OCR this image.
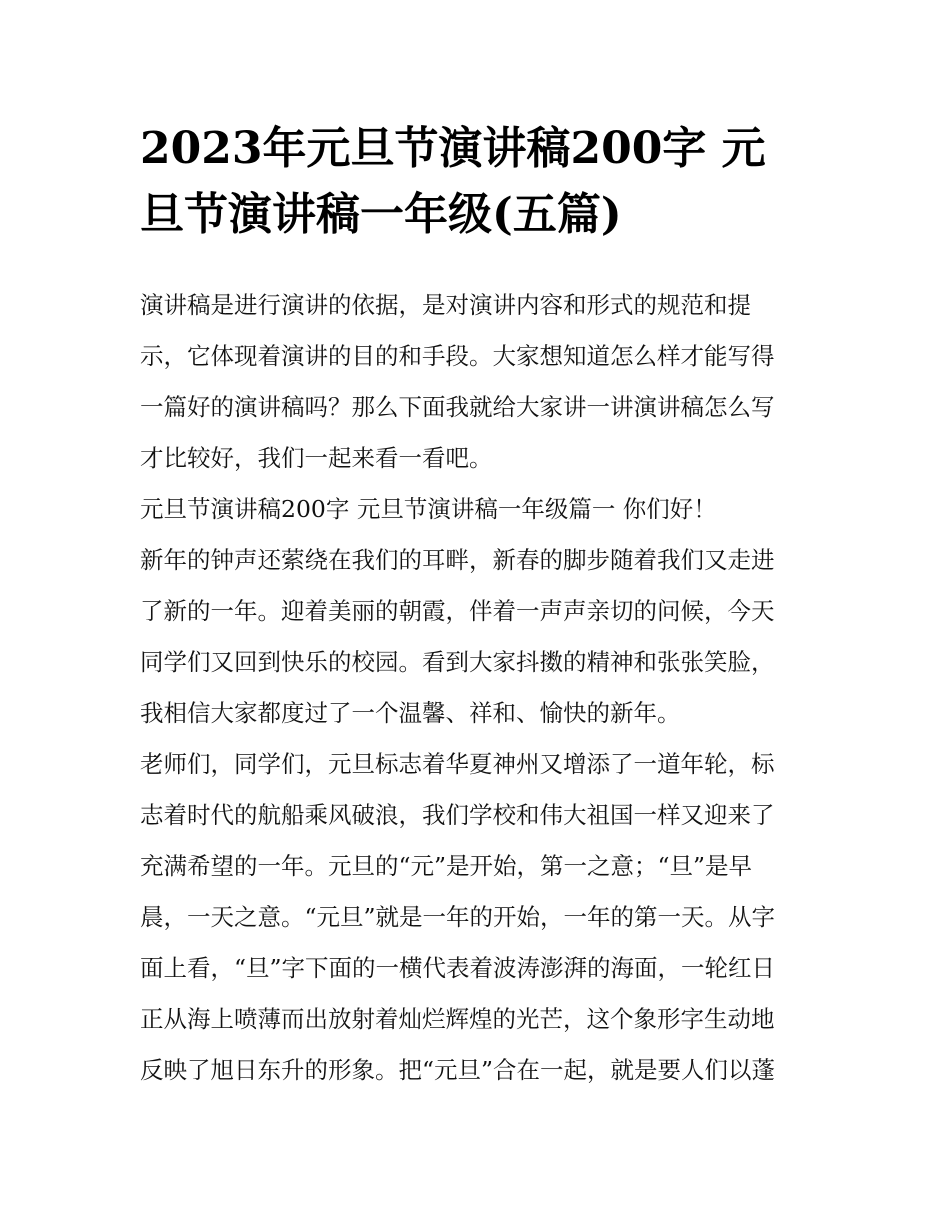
2023年元旦节演讲稿200字 元
旦节演讲稿一年级(五篇)
演讲稿是进行演讲的依据，是对演讲内容和形式的规范和提
示，它体现着演讲的目的和手段。大家想知道怎么样才能写得
一篇好的演讲稿吗？那么下面我就给大家讲一讲演讲稿怎么写
才比较好，我们一起来看一看吧。
元旦节演讲稿200字 元旦节演讲稿一年级篇一 你们好！
新年的钟声还萦绕在我们的耳畔，新春的脚步随着我们又走进
了新的一年。迎着美丽的朝霞，伴着一声声亲切的问候，今天
同学们又回到快乐的校园。看到大家抖擞的精神和张张笑脸，
我相信大家都度过了一个温馨、祥和、愉快的新年。
老师们，同学们，元旦标志着华夏神州又增添了一道年轮，标
志着时代的航船乘风破浪，我们学校和伟大祖国一样又迎来了
充满希望的一年。元旦的“元”是开始，第一之意；“旦”是早
晨，一天之意。“元旦”就是一年的开始，一年的第一天。从字
面上看，“旦”字下面的一横代表着波涛澎湃的海面，一轮红日
正从海上喷薄而出放射着灿烂辉煌的光芒，这个象形字生动地
反映了旭日东升的形象。把“元旦”合在一起，就是要人们以蓬
